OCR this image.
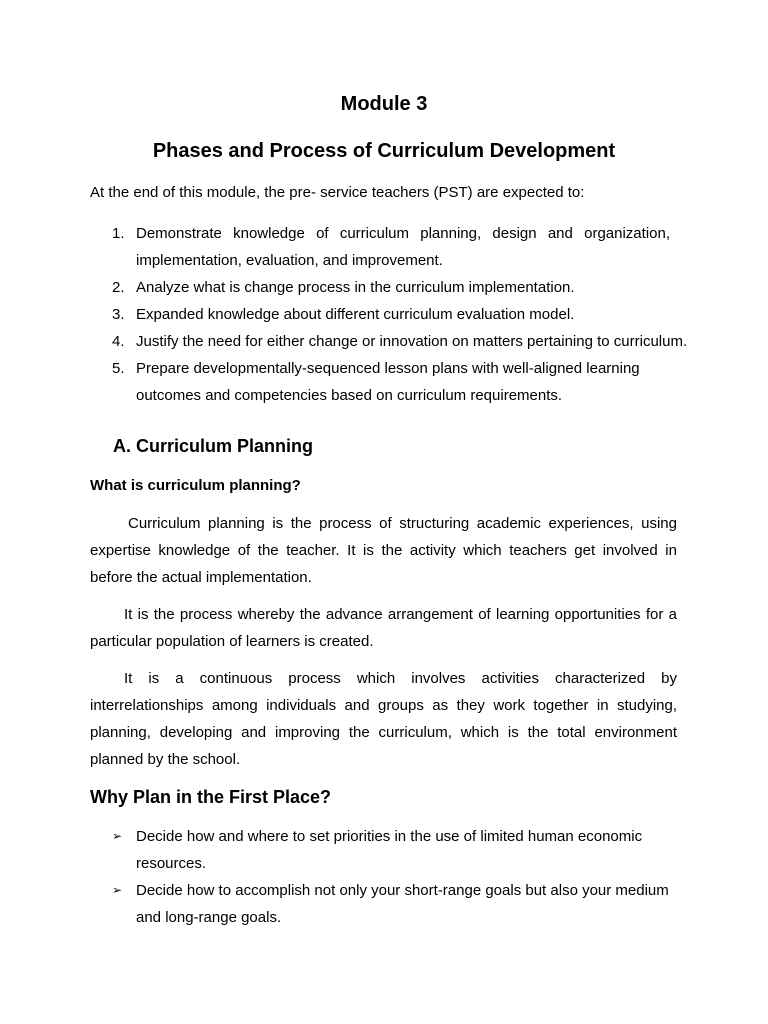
Module 3
Phases and Process of Curriculum Development

At the end of this module, the pre- service teachers (PST) are expected to:

1. Demonstrate knowledge of curriculum planning, design and organization, implementation, evaluation, and improvement.
2. Analyze what is change process in the curriculum implementation.
3. Expanded knowledge about different curriculum evaluation model.
4. Justify the need for either change or innovation on matters pertaining to curriculum.
5. Prepare developmentally-sequenced lesson plans with well-aligned learning outcomes and competencies based on curriculum requirements.
A. Curriculum Planning
What is curriculum planning?

Curriculum planning is the process of structuring academic experiences, using expertise knowledge of the teacher. It is the activity which teachers get involved in before the actual implementation.

It is the process whereby the advance arrangement of learning opportunities for a particular population of learners is created.

It is a continuous process which involves activities characterized by interrelationships among individuals and groups as they work together in studying, planning, developing and improving the curriculum, which is the total environment planned by the school.

Why Plan in the First Place?
➢ Decide how and where to set priorities in the use of limited human economic resources.
➢ Decide how to accomplish not only your short-range goals but also your medium and long-range goals.
